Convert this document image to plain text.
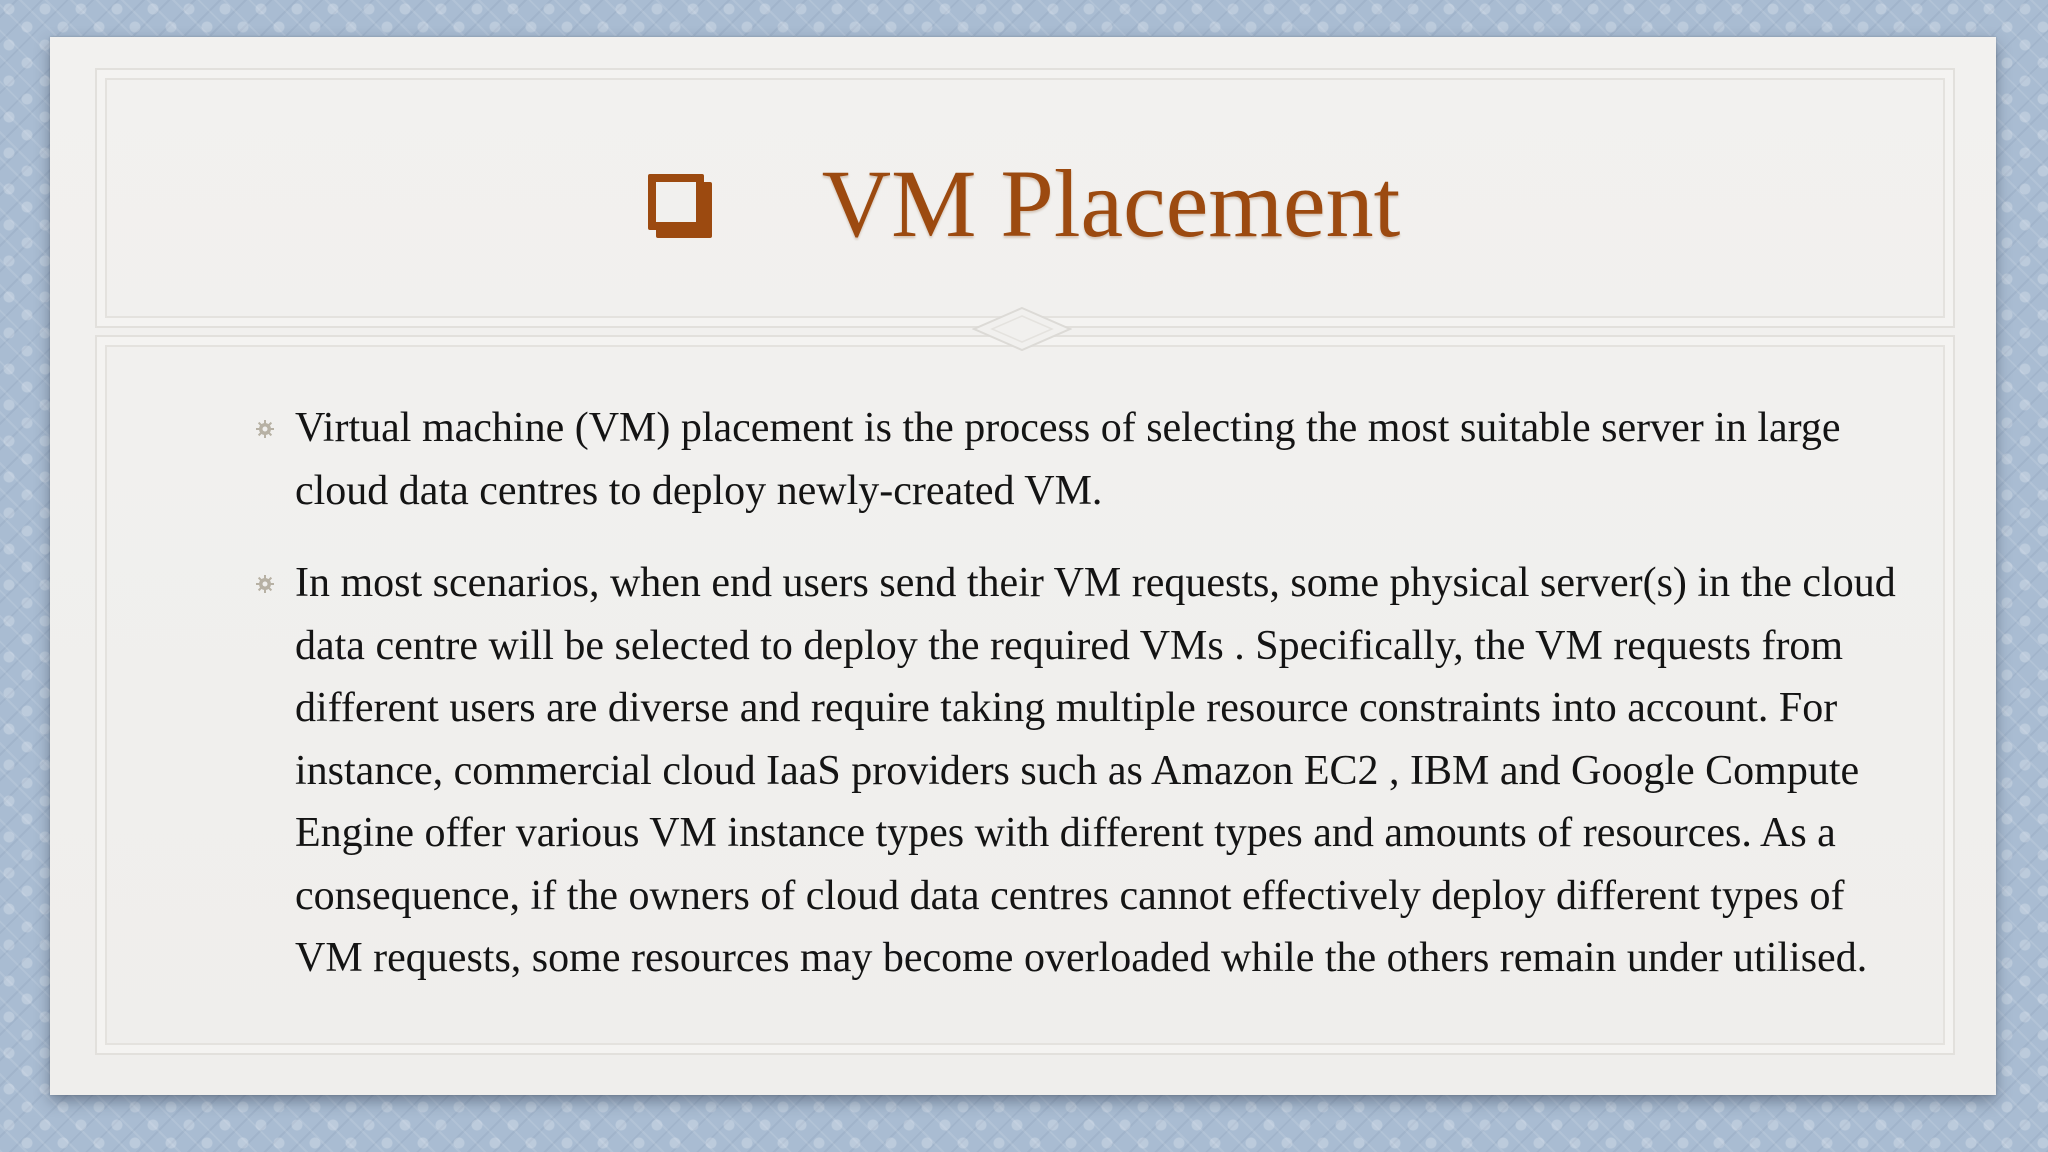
VM Placement
Virtual machine (VM) placement is the process of selecting the most suitable server in large cloud data centres to deploy newly-created VM.
In most scenarios, when end users send their VM requests, some physical server(s) in the cloud data centre will be selected to deploy the required VMs . Specifically, the VM requests from different users are diverse and require taking multiple resource constraints into account. For instance, commercial cloud IaaS providers such as Amazon EC2 , IBM and Google Compute Engine offer various VM instance types with different types and amounts of resources. As a consequence, if the owners of cloud data centres cannot effectively deploy different types of VM requests, some resources may become overloaded while the others remain under utilised.
